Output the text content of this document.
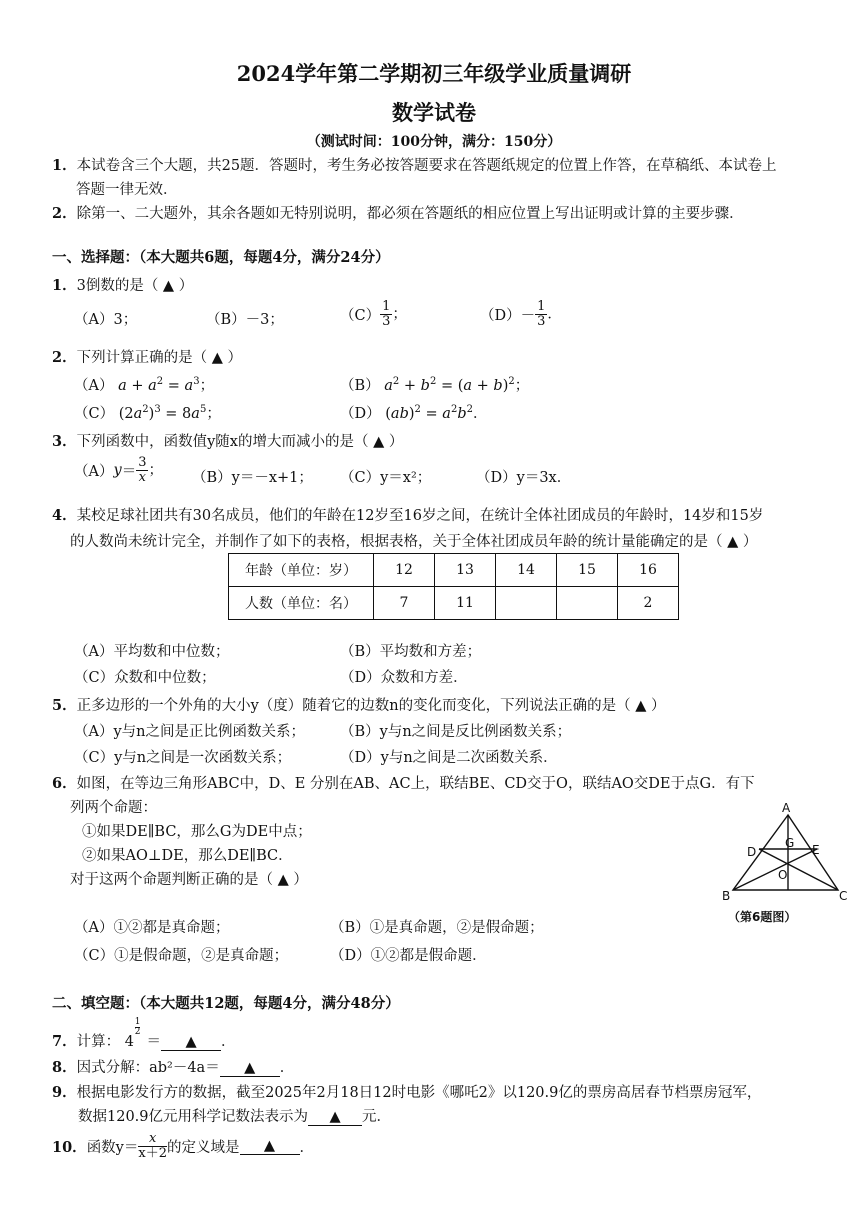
2024学年第二学期初三年级学业质量调研
数学试卷
（测试时间：100分钟，满分：150分）
1．本试卷含三个大题，共25题．答题时，考生务必按答题要求在答题纸规定的位置上作答，在草稿纸、本试卷上
答题一律无效．
2．除第一、二大题外，其余各题如无特别说明，都必须在答题纸的相应位置上写出证明或计算的主要步骤．
一、选择题：（本大题共6题，每题4分，满分24分）
1．3倒数的是（ ▲ ）
（A）3；	（B）－3；	$(C) \frac{1}{3}$ ；	$(D)- \frac{1}{3}$ ．
2．下列计算正确的是（ ▲ ）
（A） $a + a^2 = a^3$；	（B） $a^2 + b^2 = (a + b)^2$；
（C） $(2a^2)^3 = 8a^5$；	（D） $(ab)^2 = a^2b^2$．
3．下列函数中，函数值y随x的增大而减小的是（ ▲ ）
$(A)y= \frac{3}{x}$； （B）y＝－x+1； （C）y＝x²；	（D）y＝3x．
4．某校足球社团共有30名成员，他们的年龄在12岁至16岁之间，在统计全体社团成员的年龄时，14岁和15岁
的人数尚未统计完全，并制作了如下的表格，根据表格，关于全体社团成员年龄的统计量能确定的是（ ▲ ）
年龄（单位：岁）	12	13	14	15	16
人数（单位：名）	7	11			2
（A）平均数和中位数；	（B）平均数和方差；
（C）众数和中位数；	（D）众数和方差．
5．正多边形的一个外角的大小y（度）随着它的边数n的变化而变化，下列说法正确的是（ ▲ ）
（A）y与n之间是正比例函数关系； （B）y与n之间是反比例函数关系；
（C）y与n之间是一次函数关系；	（D）y与n之间是二次函数关系．
6．如图，在等边三角形ABC中，D、E 分别在AB、AC上，联结BE、CD交于O，联结AO交DE于点G．有下
列两个命题：
①如果DE∥BC，那么G为DE中点；
②如果AO⊥DE，那么DE∥BC．
对于这两个命题判断正确的是（ ▲ ）
（A）①②都是真命题；	（B）①是真命题，②是假命题；
（C）①是假命题，②是真命题；	（D）①②都是假命题．
A
B	C
D	E
G
O
（第6题图）
二、填空题：（本大题共12题，每题4分，满分48分）
7．计算： 4
1
2
＝ ▲ ．
8．因式分解：ab²－4a＝ ▲ ．
9．根据电影发行方的数据，截至2025年2月18日12时电影《哪吒2》以120.9亿的票房高居春节档票房冠军，
数据120.9亿元用科学记数法表示为 ▲ 元．
10．函数$y= \frac{x}{x+2}$ 的定义域是 ▲ ．
